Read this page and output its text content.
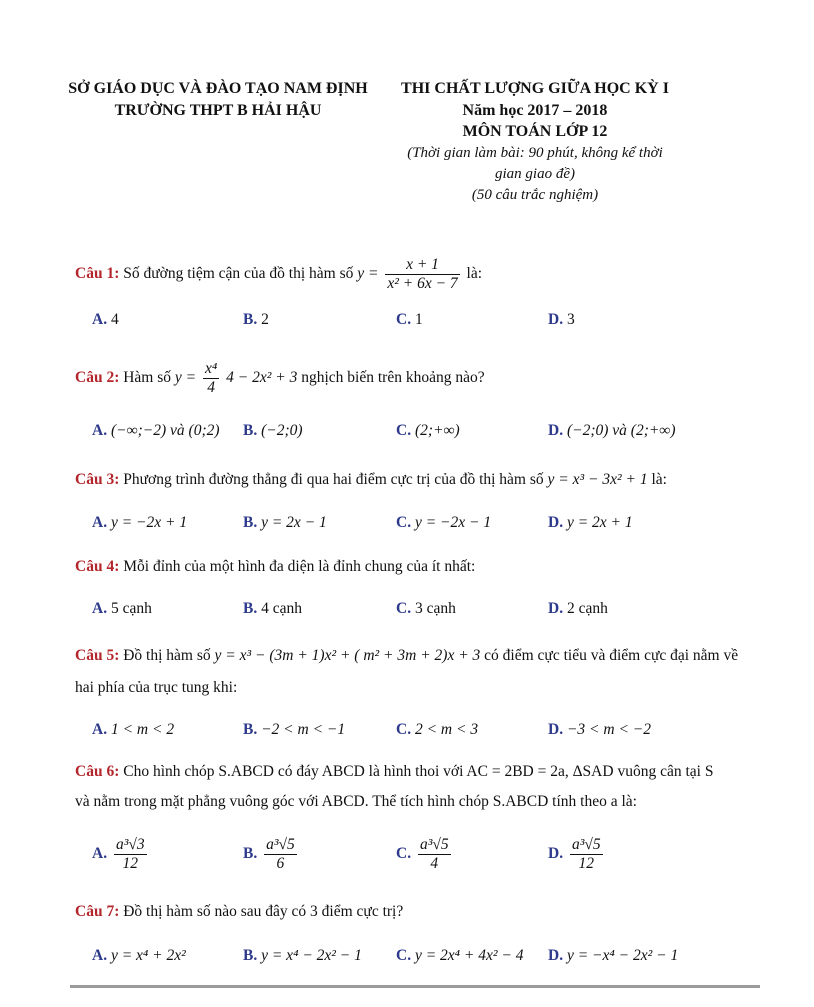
SỞ GIÁO DỤC VÀ ĐÀO TẠO NAM ĐỊNH
TRƯỜNG THPT B HẢI HẬU
THI CHẤT LƯỢNG GIỮA HỌC KỲ I
Năm học 2017 – 2018
MÔN TOÁN LỚP 12
(Thời gian làm bài: 90 phút, không kể thời
gian giao đề)
(50 câu trắc nghiệm)
Câu 1: Số đường tiệm cận của đồ thị hàm số $y = \frac{x + 1}{\text{x² + 6x − 7}}$ là:
A. 4	B. 2	C. 1	D. 3
Câu 2: Hàm số $y = \frac{\text{x⁴}}{4} 4 - 2x^2 + 3$ nghịch biến trên khoảng nào?
A. (−∞;−2) và (0;2) B. (−2;0)	C. (2;+∞)	D. (−2;0) và (2;+∞)
Câu 3: Phương trình đường thẳng đi qua hai điểm cực trị của đồ thị hàm số y = x³ − 3x² + 1 là:
A. y = −2x + 1	B. y = 2x − 1	C. y = −2x − 1	D. y = 2x + 1
Câu 4: Mỗi đỉnh của một hình đa diện là đỉnh chung của ít nhất:
A. 5 cạnh	B. 4 cạnh	C. 3 cạnh	D. 2 cạnh
Câu 5: Đồ thị hàm số y = x³ − (3m + 1)x² + ( m² + 3m + 2)x + 3 có điểm cực tiểu và điểm cực đại nằm về
hai phía của trục tung khi:
A. 1 < m < 2	B. −2 < m < −1	C. 2 < m < 3	D. −3 < m < −2
Câu 6: Cho hình chóp S.ABCD có đáy ABCD là hình thoi với AC = 2BD = 2a, ΔSAD vuông cân tại S
và nằm trong mặt phẳng vuông góc với ABCD. Thể tích hình chóp S.ABCD tính theo a là:
A. $\frac{\text{a³√3}}{12}$	B. $\frac{\text{a³√5}}{6}$	C. $\frac{\text{a³√5}}{4}$	D. $\frac{\text{a³√5}}{12}$
Câu 7: Đồ thị hàm số nào sau đây có 3 điểm cực trị?
A. y = x⁴ + 2x²	B. y = x⁴ − 2x² − 1 C. y = 2x⁴ + 4x² − 4 D. y = −x⁴ − 2x² − 1
